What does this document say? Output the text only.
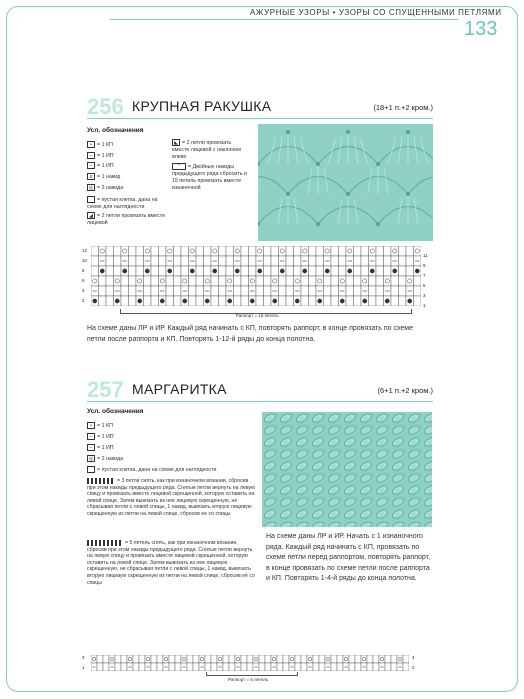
АЖУРНЫЕ УЗОРЫ • УЗОРЫ СО СПУЩЕННЫМИ ПЕТЛЯМИ
133
256 КРУПНАЯ РАКУШКА	(18+1 п.+2 кром.)
Усл. обозначения
• = 1 КП
– = 1 ИП
– = 1 ИП
o = 1 накид
◎ = 2 накида
= пустая клетка, дана на схеме для наглядности
◢ = 2 петли провязать вместе лицевой
◣ = 2 петли провязать вместе лицевой с наклоном влево
︶ = Двойные накиды предыдущего ряда сбросить и 15 петель провязать вместе изнаночной
12
10
8
6
4
2
11
9
7
5
3
1
Раппорт = 18 петель
На схеме даны ЛР и ИР. Каждый ряд начинать с КП, повторять раппорт, в конце провязать по схеме петли после раппорта и КП. Повторять 1-12-й ряды до конца полотна.
257 МАРГАРИТКА	(6+1 п.+2 кром.)
Усл. обозначения
• = 1 КП
– = 1 ИП
– = 1 ИП
◎ = 2 накида
= пустая клетка, дана на схеме для наглядности
= 3 петли снять, как при изнаночном вязании, сбросив при этом накиды предыдущего ряда. Снятые петли вернуть на левую спицу и провязать вместе лицевой скрещенной, которую оставить на левой спице. Затем вывязать из нее лицевую скрещенную, не сбрасывая петли с левой спицы, 1 накид, вывязать вторую лицевую скрещенную из петли на левой спице, сбросив ее со спицы
= 5 петель снять, как при изнаночном вязании, сбросив при этом накиды предыдущего ряда. Снятые петли вернуть на левую спицу и провязать вместе лицевой скрещенной, которую оставить на левой спице. Затем вывязать из нее лицевую скрещенную, не сбрасывая петли с левой спицы, 1 накид, вывязать вторую лицевую скрещенную из петли на левой спице, сбросив её со спицы
На схеме даны ЛР и ИР. Начать с 1 изнаночного ряда. Каждый ряд начинать с КП, провязать по схеме петли перед раппортом, повторять раппорт, в конце провязать по схеме петли после раппорта и КП. Повторять 1-4-й ряды до конца полотна.
3
1
4
2
Раппорт = 6 петель
